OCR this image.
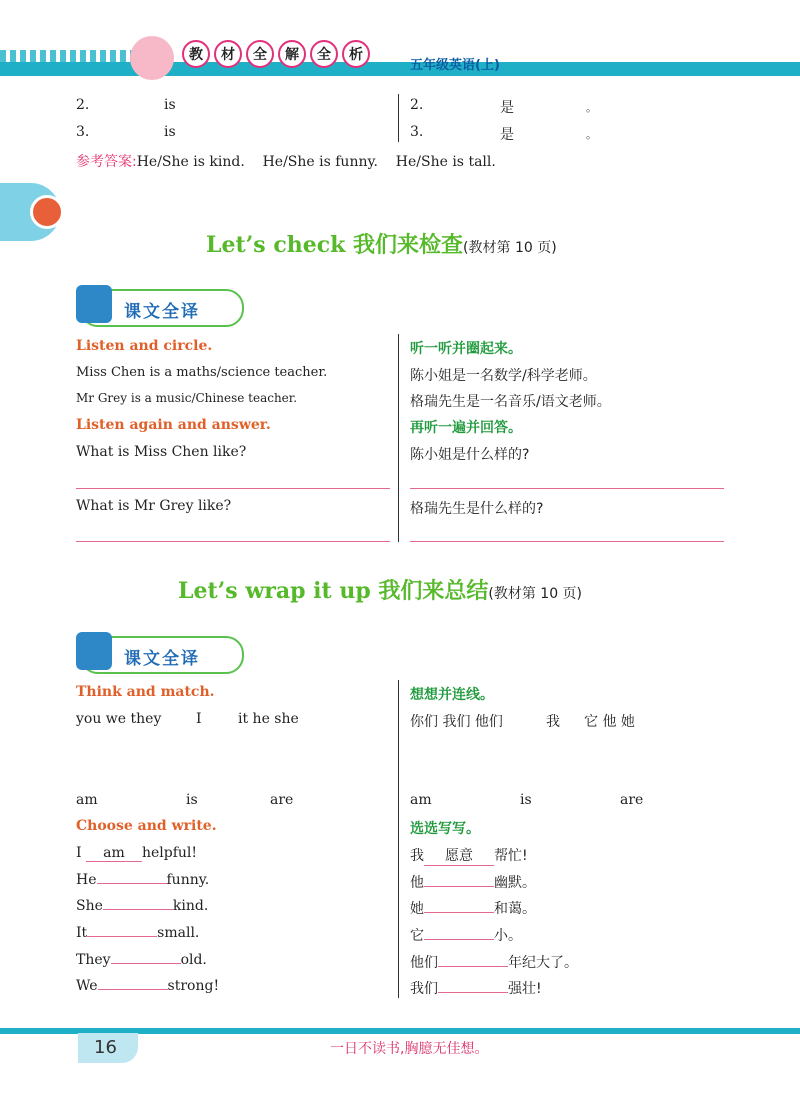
教	材	全	解	全	析
五年级英语(上)
2.	is
3.	is
2.	是	。
3.	是	。
参考答案:He/She is kind.    He/She is funny.    He/She is tall.
Let’s check 我们来检查(教材第 10 页)
课文全译
Listen and circle.
Miss Chen is a maths/science teacher.
Mr Grey is a music/Chinese teacher.
Listen again and answer.
What is Miss Chen like?
What is Mr Grey like?
听一听并圈起来。
陈小姐是一名数学/科学老师。
格瑞先生是一名音乐/语文老师。
再听一遍并回答。
陈小姐是什么样的?
格瑞先生是什么样的?
Let’s wrap it up 我们来总结(教材第 10 页)
课文全译
Think and match.
you we they I	it he she
am	is	are
Choose and write.
I am helpful!
He	funny.
She	kind.
It	small.
They	old.
We	strong!
想想并连线。
你们 我们 他们	我 它 他 她
am	is	are
选选写写。
我 愿意 帮忙!
他	幽默。
她	和蔼。
它	小。
他们	年纪大了。
我们	强壮!
16	一日不读书,胸臆无佳想。
